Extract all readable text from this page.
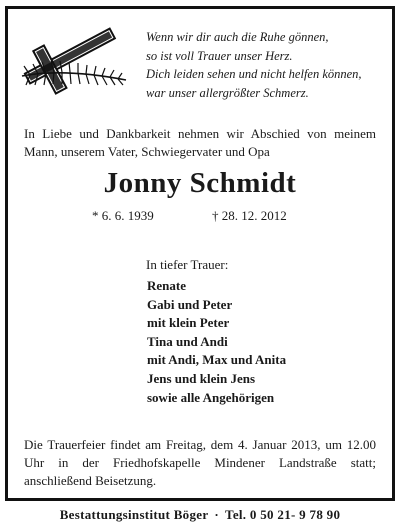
Wenn wir dir auch die Ruhe gönnen,
so ist voll Trauer unser Herz.
Dich leiden sehen und nicht helfen können,
war unser allergrößter Schmerz.
In Liebe und Dankbarkeit nehmen wir Abschied von meinem Mann, unserem Vater, Schwiegervater und Opa
Jonny Schmidt
* 6. 6. 1939	† 28. 12. 2012
In tiefer Trauer:
Renate
Gabi und Peter
mit klein Peter
Tina und Andi
mit Andi, Max und Anita
Jens und klein Jens
sowie alle Angehörigen
Die Trauerfeier findet am Freitag, dem 4. Januar 2013, um 12.00 Uhr in der Friedhofskapelle Mindener Landstraße statt; anschließend Beisetzung.
Bestattungsinstitut Böger · Tel. 0 50 21- 9 78 90
